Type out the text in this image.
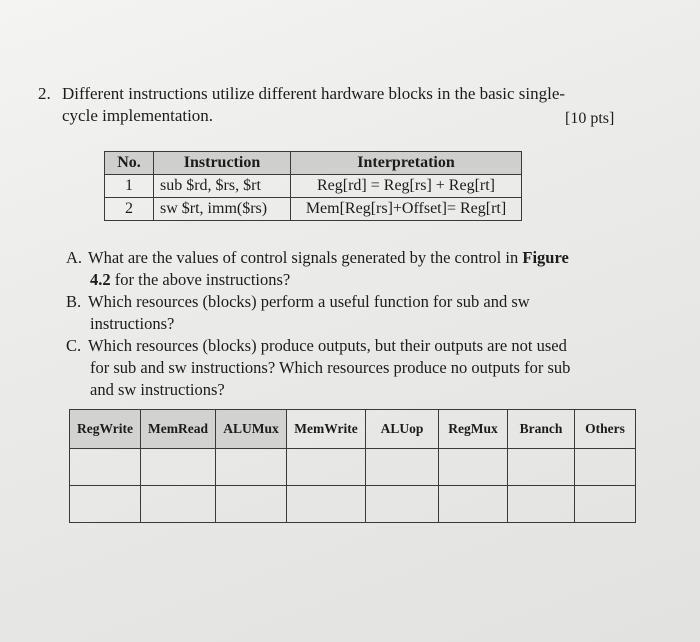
2. Different instructions utilize different hardware blocks in the basic single-
cycle implementation.	[10 pts]
No.	Instruction	Interpretation
1	sub $rd, $rs, $rt	Reg[rd] = Reg[rs] + Reg[rt]
2	sw $rt, imm($rs)	Mem[Reg[rs]+Offset]= Reg[rt]
A. What are the values of control signals generated by the control in Figure
4.2 for the above instructions?
B. Which resources (blocks) perform a useful function for sub and sw
instructions?
C. Which resources (blocks) produce outputs, but their outputs are not used
for sub and sw instructions? Which resources produce no outputs for sub
and sw instructions?
RegWrite	MemRead	ALUMux	MemWrite	ALUop	RegMux	Branch	Others
